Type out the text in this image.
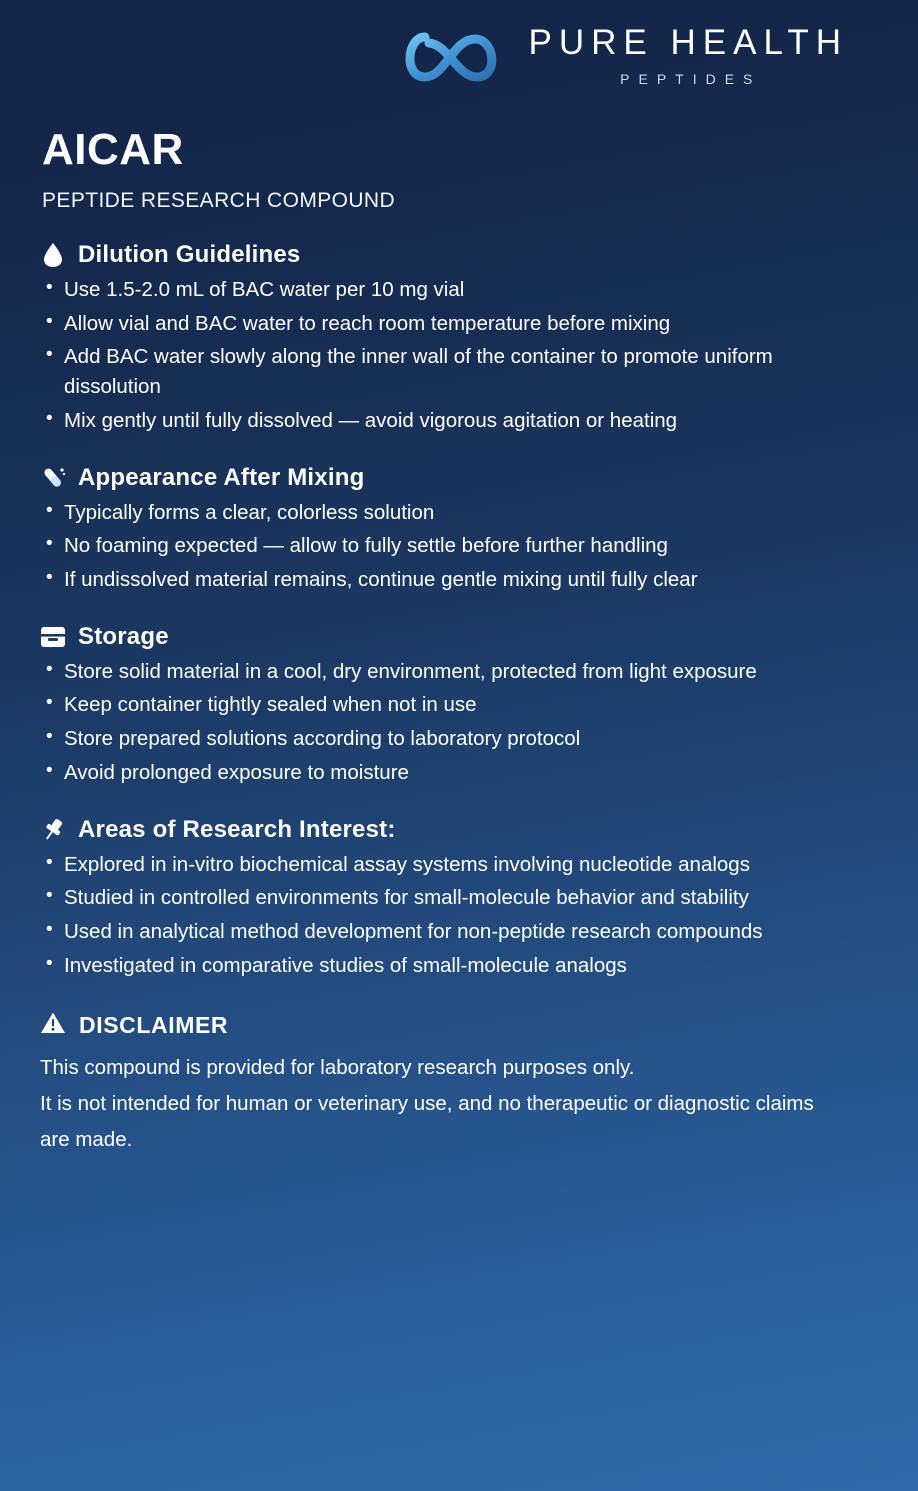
PURE HEALTH
PEPTIDES
AICAR
PEPTIDE RESEARCH COMPOUND
Dilution Guidelines
• Use 1.5-2.0 mL of BAC water per 10 mg vial
• Allow vial and BAC water to reach room temperature before mixing
• Add BAC water slowly along the inner wall of the container to promote uniform dissolution
• Mix gently until fully dissolved — avoid vigorous agitation or heating
Appearance After Mixing
• Typically forms a clear, colorless solution
• No foaming expected — allow to fully settle before further handling
• If undissolved material remains, continue gentle mixing until fully clear
Storage
• Store solid material in a cool, dry environment, protected from light exposure
• Keep container tightly sealed when not in use
• Store prepared solutions according to laboratory protocol
• Avoid prolonged exposure to moisture
Areas of Research Interest:
• Explored in in-vitro biochemical assay systems involving nucleotide analogs
• Studied in controlled environments for small-molecule behavior and stability
• Used in analytical method development for non-peptide research compounds
• Investigated in comparative studies of small-molecule analogs
DISCLAIMER

This compound is provided for laboratory research purposes only.

It is not intended for human or veterinary use, and no therapeutic or diagnostic claims are made.
